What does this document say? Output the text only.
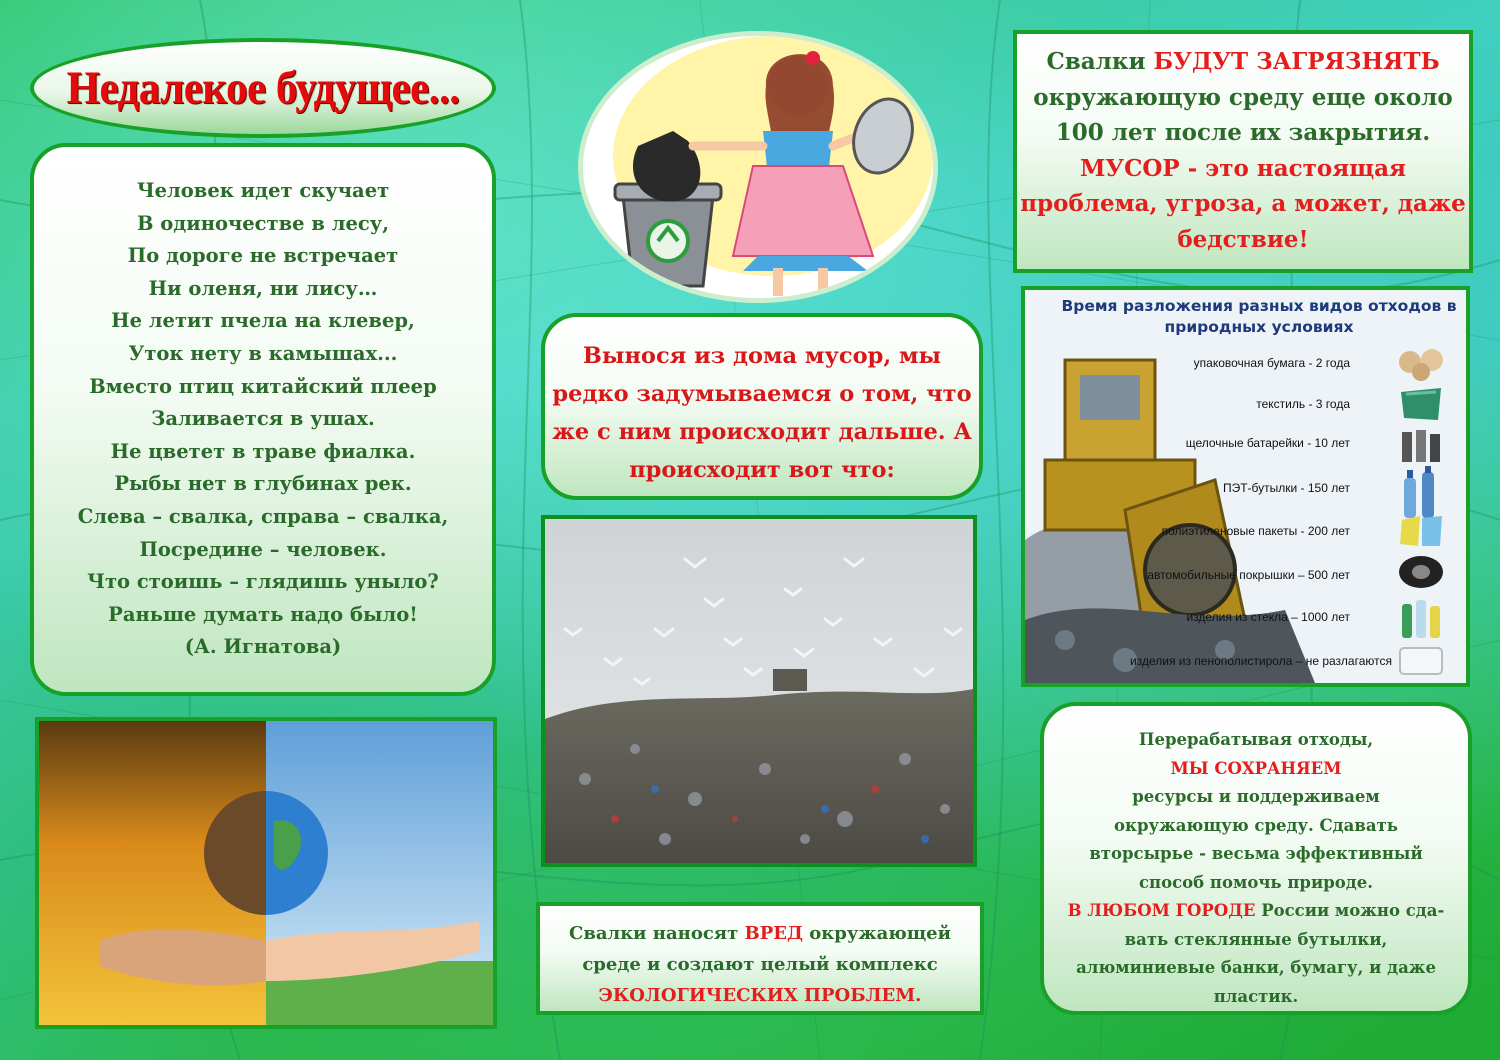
Недалекое будущее...
Человек идет скучает
В одиночестве в лесу,
По дороге не встречает
Ни оленя, ни лису…
Не летит пчела на клевер,
Уток нету в камышах...
Вместо птиц китайский плеер
Заливается в ушах.
Не цветет в траве фиалка.
Рыбы нет в глубинах рек.
Слева – свалка, справа – свалка,
Посредине – человек.
Что стоишь – глядишь уныло?
Раньше думать надо было!
(А. Игнатова)
Свалки БУДУТ ЗАГРЯЗНЯТЬ окружающую среду еще около 100 лет после их закрытия.
МУСОР - это настоящая проблема, угроза, а может, даже бедствие!
Вынося из дома мусор, мы редко задумываемся о том, что же с ним происходит дальше. А происходит вот что:
Время разложения разных видов отходов в природных условиях
упаковочная бумага - 2 года
текстиль - 3 года
щелочные батарейки - 10 лет
ПЭТ-бутылки - 150 лет
полиэтиленовые пакеты - 200 лет
автомобильные покрышки – 500 лет
изделия из стекла – 1000 лет
изделия из пенополистирола – не разлагаются
Свалки наносят ВРЕД окружающей среде и создают целый комплекс
ЭКОЛОГИЧЕСКИХ ПРОБЛЕМ.
Перерабатывая отходы,
МЫ СОХРАНЯЕМ
ресурсы и поддерживаем окружающую среду. Сдавать вторсырье - весьма эффективный способ помочь природе.
В ЛЮБОМ ГОРОДЕ России можно сда-вать стеклянные бутылки, алюминиевые банки, бумагу, и даже пластик.
